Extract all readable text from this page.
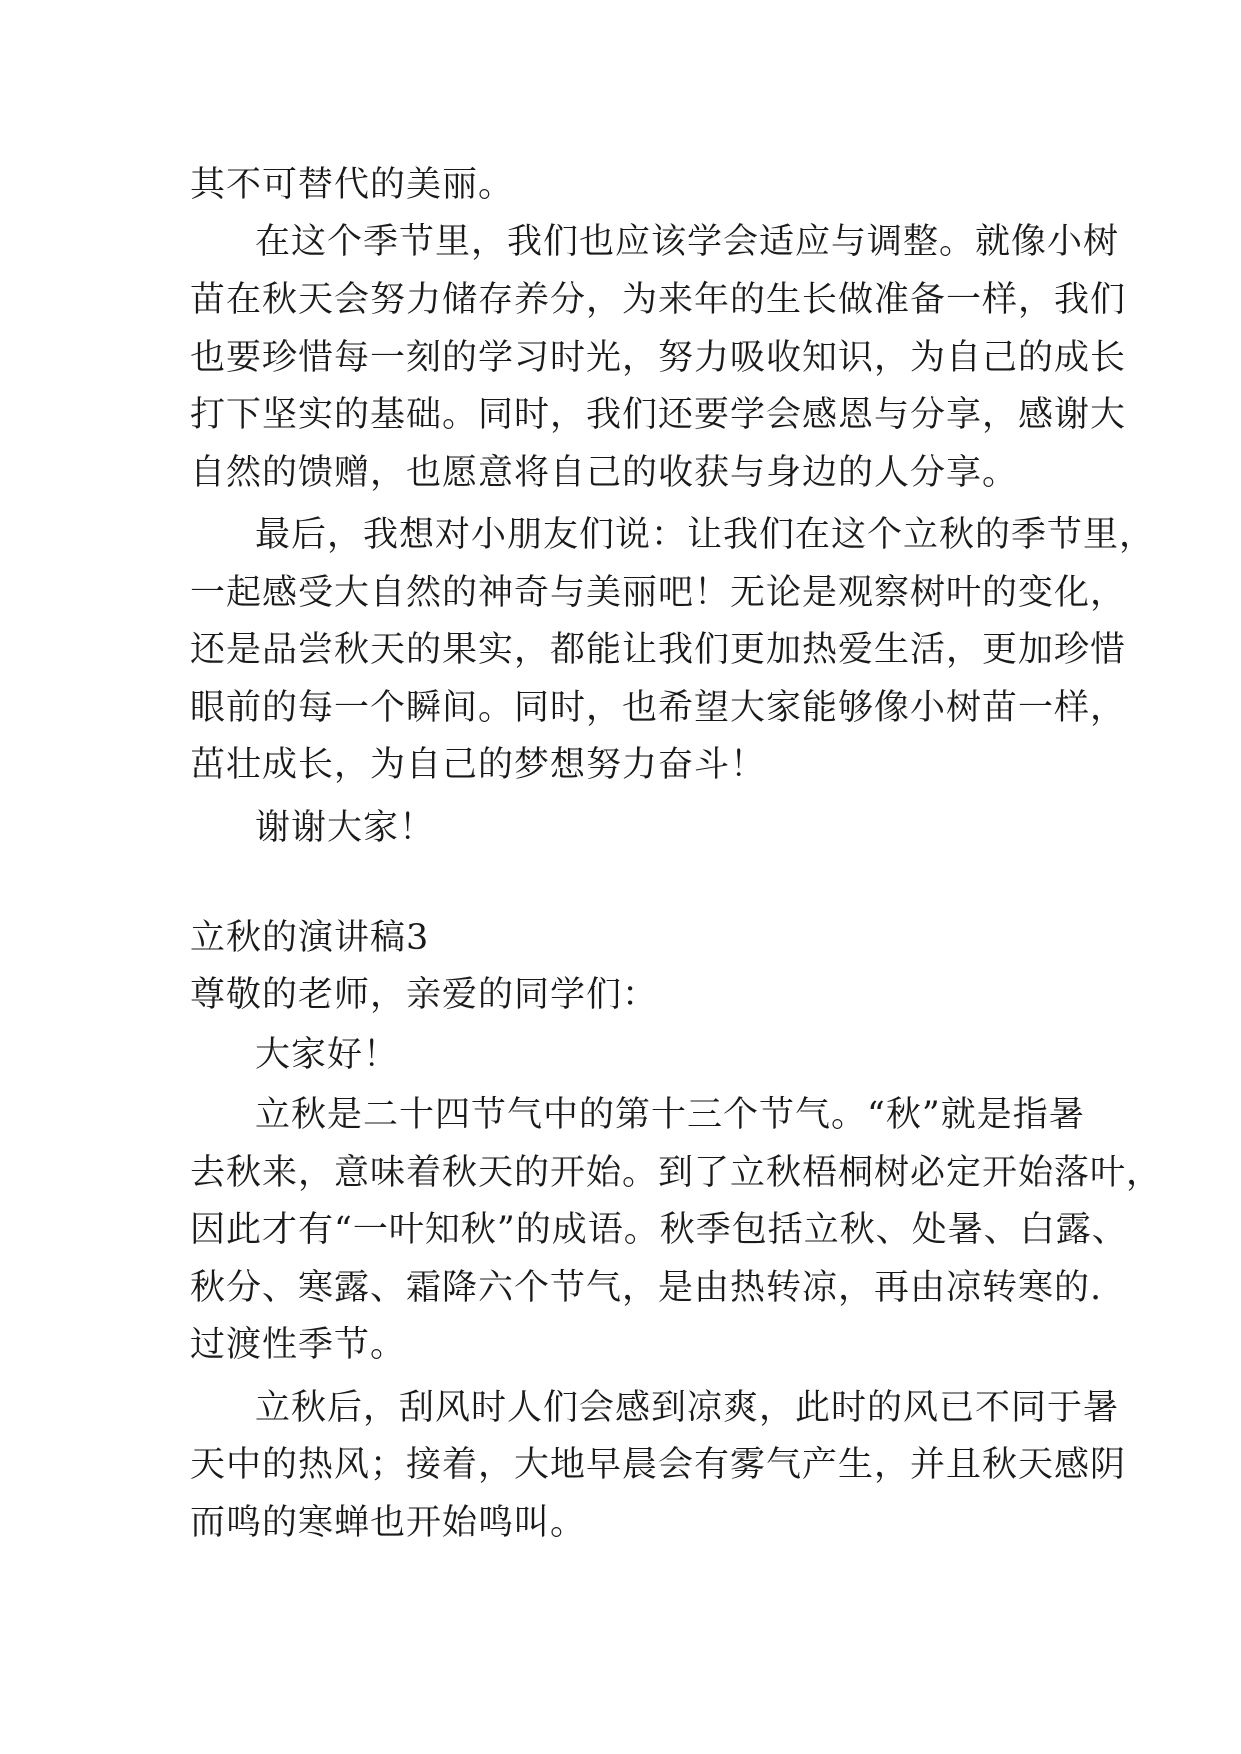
其不可替代的美丽。
在这个季节里，我们也应该学会适应与调整。就像小树
苗在秋天会努力储存养分，为来年的生长做准备一样，我们
也要珍惜每一刻的学习时光，努力吸收知识，为自己的成长
打下坚实的基础。同时，我们还要学会感恩与分享，感谢大
自然的馈赠，也愿意将自己的收获与身边的人分享。
最后，我想对小朋友们说：让我们在这个立秋的季节里，
一起感受大自然的神奇与美丽吧！无论是观察树叶的变化，
还是品尝秋天的果实，都能让我们更加热爱生活，更加珍惜
眼前的每一个瞬间。同时，也希望大家能够像小树苗一样，
茁壮成长，为自己的梦想努力奋斗！
谢谢大家！
立秋的演讲稿3
尊敬的老师，亲爱的同学们：
大家好！
立秋是二十四节气中的第十三个节气。“秋”就是指暑
去秋来，意味着秋天的开始。到了立秋梧桐树必定开始落叶，
因此才有“一叶知秋”的成语。秋季包括立秋、处暑、白露、
秋分、寒露、霜降六个节气，是由热转凉，再由凉转寒的.
过渡性季节。
立秋后，刮风时人们会感到凉爽，此时的风已不同于暑
天中的热风；接着，大地早晨会有雾气产生，并且秋天感阴
而鸣的寒蝉也开始鸣叫。
